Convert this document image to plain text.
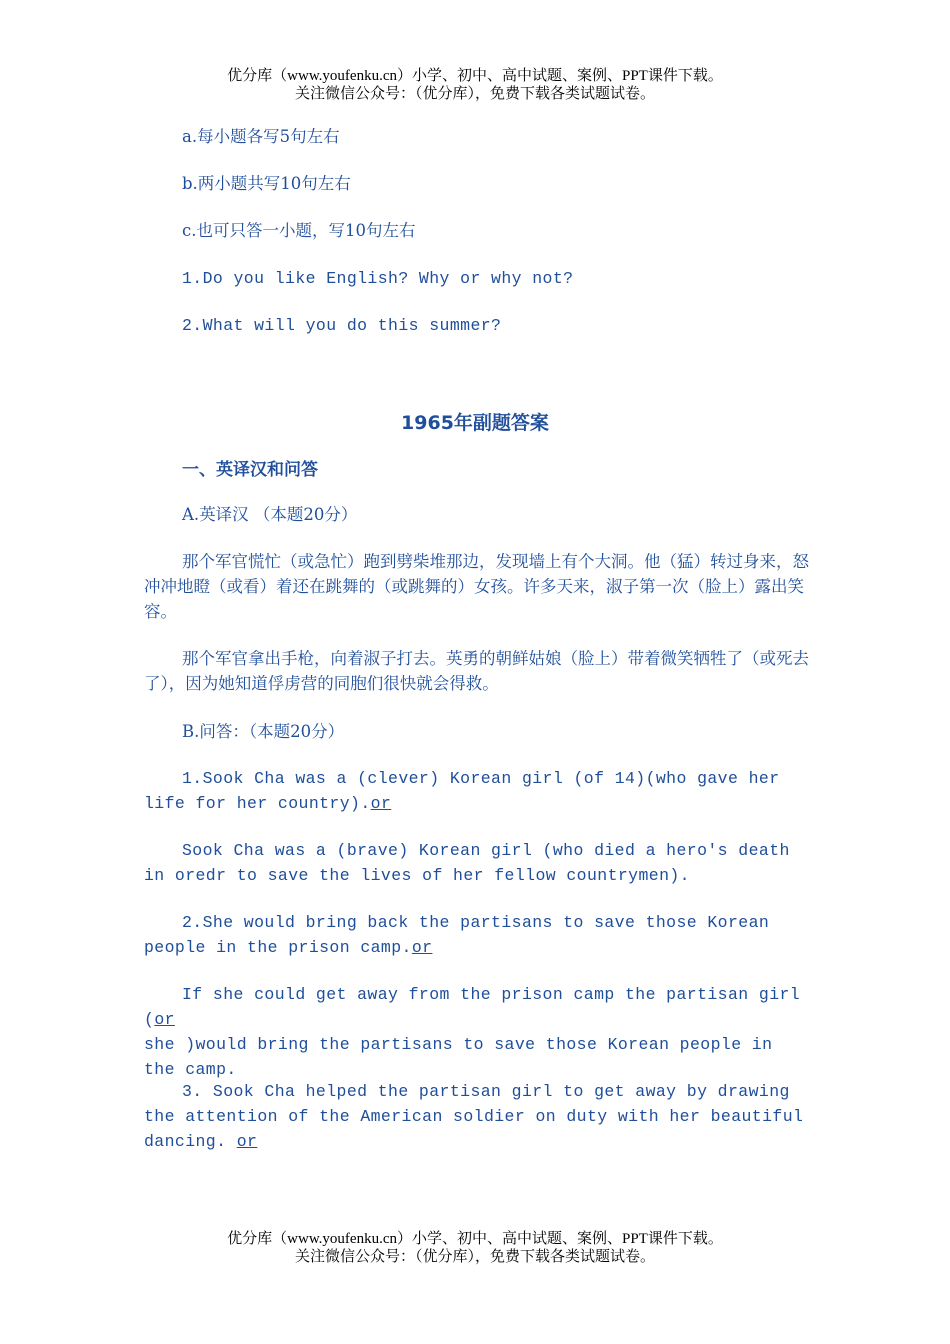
优分库（www.youfenku.cn）小学、初中、高中试题、案例、PPT课件下载。
关注微信公众号：（优分库），免费下载各类试题试卷。

a.每小题各写5句左右

b.两小题共写10句左右

c.也可只答一小题，写10句左右

1.Do you like English? Why or why not?

2.What will you do this summer?

1965年副题答案
一、英译汉和问答

A.英译汉 （本题20分）

那个军官慌忙（或急忙）跑到劈柴堆那边，发现墙上有个大洞。他（猛）转过身来，怒冲冲地瞪（或看）着还在跳舞的（或跳舞的）女孩。许多天来，淑子第一次（脸上）露出笑容。

那个军官拿出手枪，向着淑子打去。英勇的朝鲜姑娘（脸上）带着微笑牺牲了（或死去了），因为她知道俘虏营的同胞们很快就会得救。

B.问答：（本题20分）

1.Sook Cha was a (clever) Korean girl (of 14)(who gave her life for her country).or

Sook Cha was a (brave) Korean girl (who died a hero's death in oredr to save the lives of her fellow countrymen).

2.She would bring back the partisans to save those Korean people in the prison camp.or

If she could get away from the prison camp the partisan girl (or
she )would bring the partisans to save those Korean people in the camp.

3. Sook Cha helped the partisan girl to get away by drawing the attention of the American soldier on duty with her beautiful dancing. or

优分库（www.youfenku.cn）小学、初中、高中试题、案例、PPT课件下载。
关注微信公众号：（优分库），免费下载各类试题试卷。
